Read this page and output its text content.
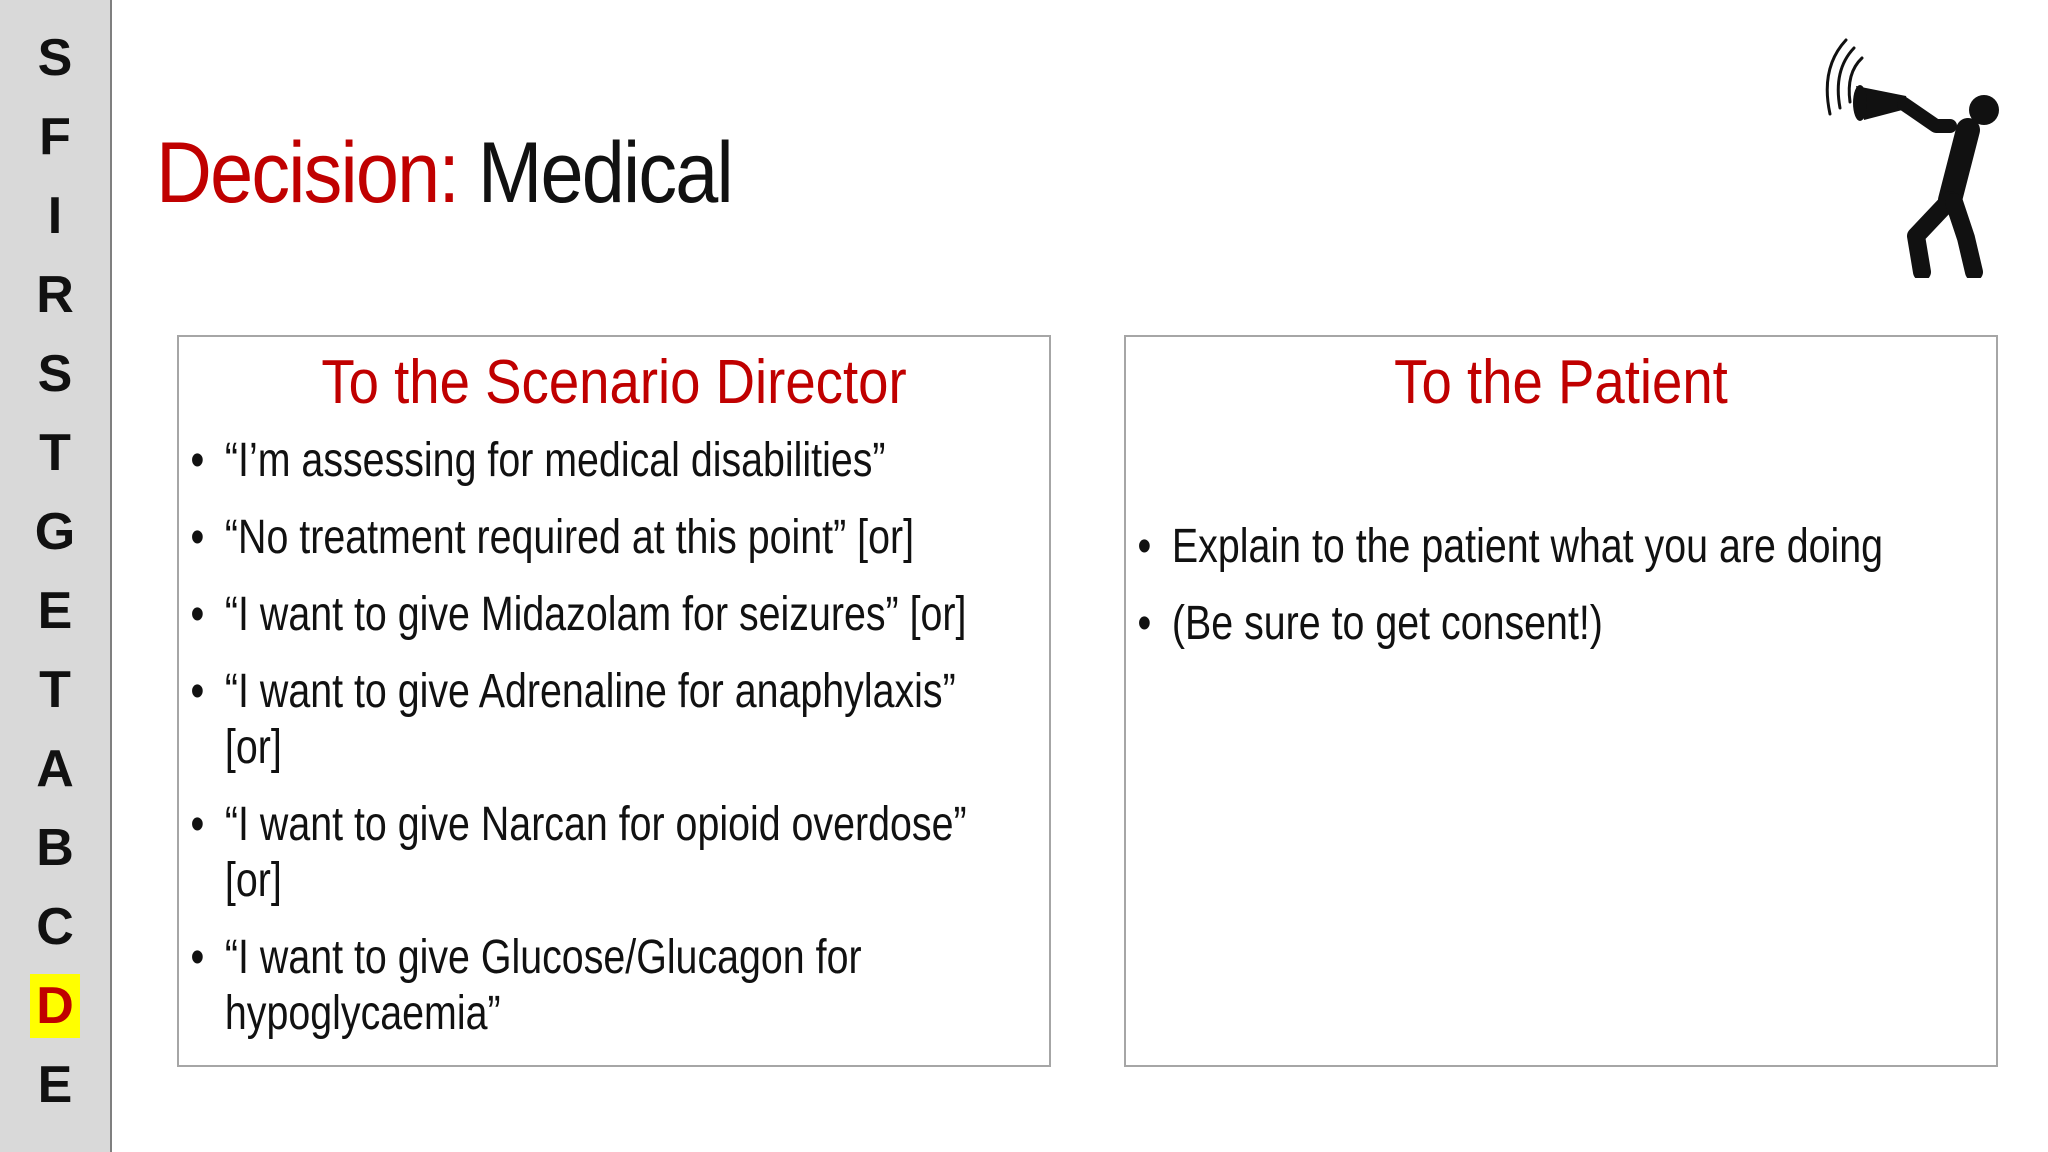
S
F
I
R
S
T
G
E
T
A
B
C
D
E
Decision: Medical
To the Scenario Director
• “I’m assessing for medical disabilities”
• “No treatment required at this point” [or]
• “I want to give Midazolam for seizures” [or]
• “I want to give Adrenaline for anaphylaxis” [or]
• “I want to give Narcan for opioid overdose” [or]
• “I want to give Glucose/Glucagon for hypoglycaemia”
To the Patient
• Explain to the patient what you are doing
• (Be sure to get consent!)
